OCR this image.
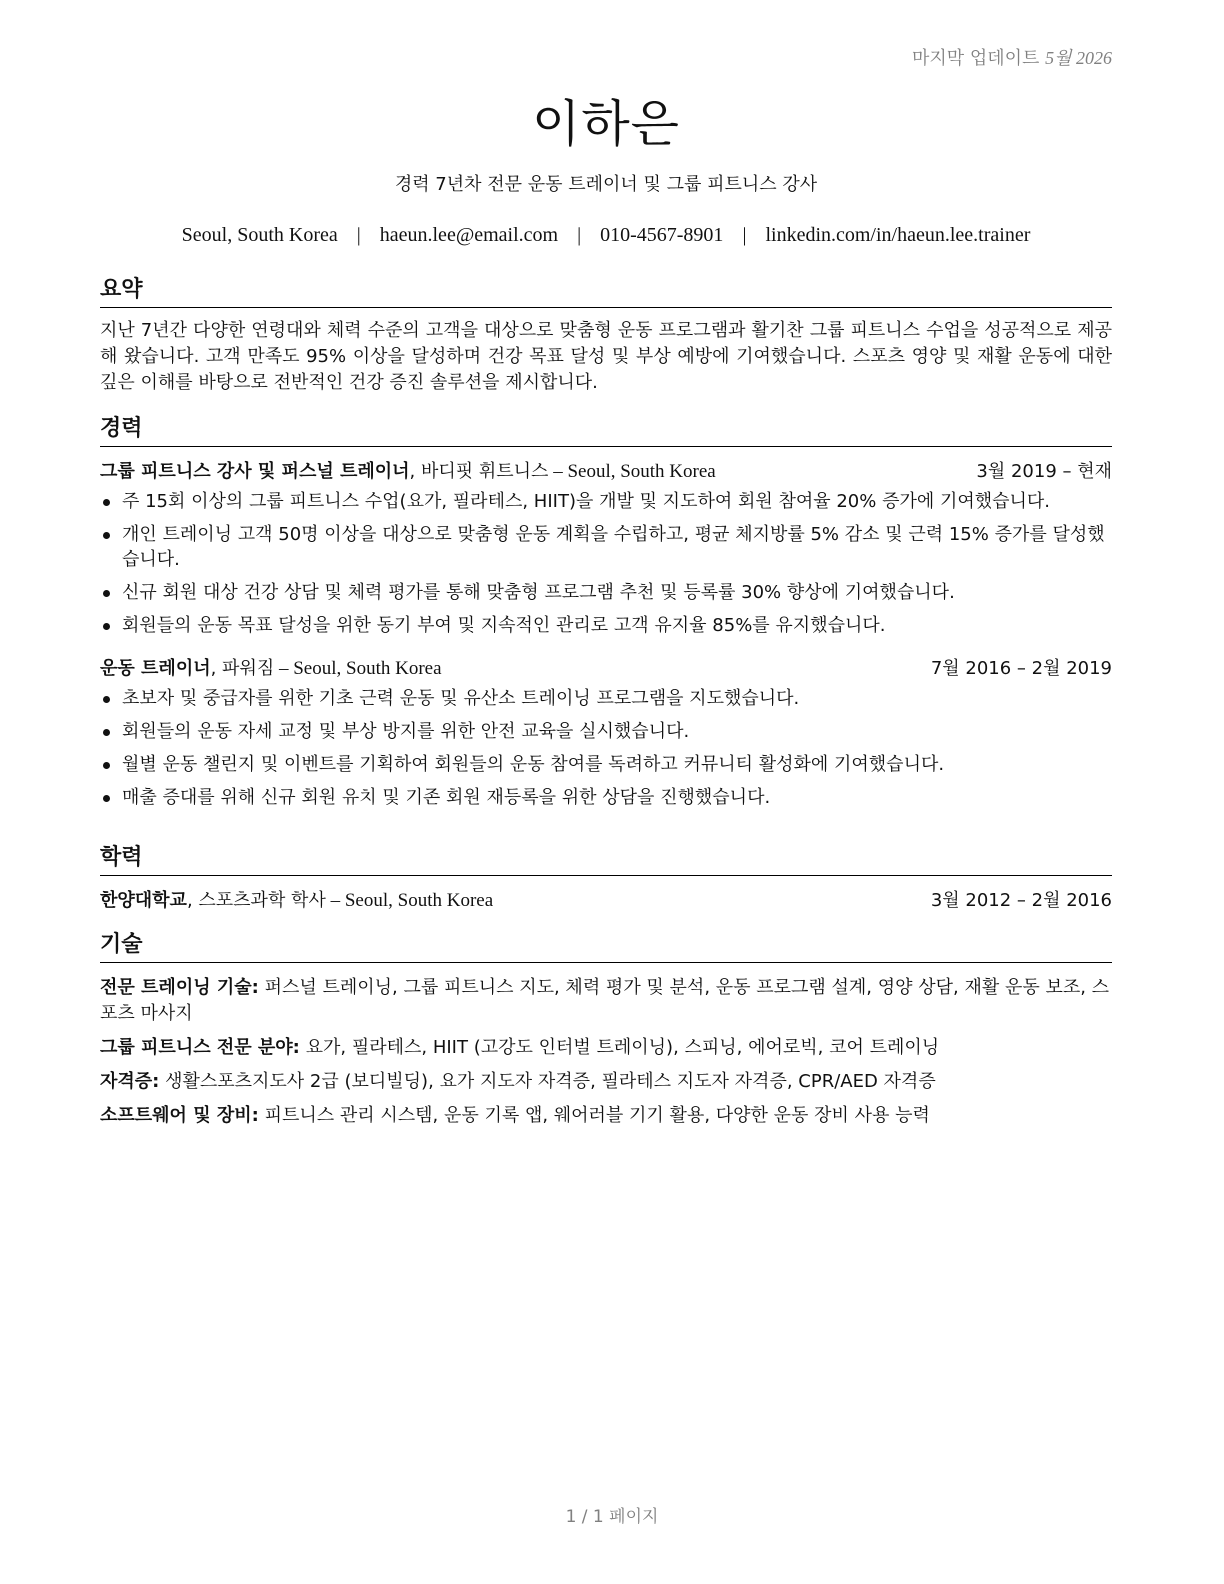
마지막 업데이트 5월 2026
이하은
경력 7년차 전문 운동 트레이너 및 그룹 피트니스 강사
Seoul, South Korea | haeun.lee@email.com | 010-4567-8901 | linkedin.com/in/haeun.lee.trainer
요약
지난 7년간 다양한 연령대와 체력 수준의 고객을 대상으로 맞춤형 운동 프로그램과 활기찬 그룹 피트니스 수업을 성공적으로 제공해 왔습니다. 고객 만족도 95% 이상을 달성하며 건강 목표 달성 및 부상 예방에 기여했습니다. 스포츠 영양 및 재활 운동에 대한 깊은 이해를 바탕으로 전반적인 건강 증진 솔루션을 제시합니다.
경력
그룹 피트니스 강사 및 퍼스널 트레이너, 바디핏 휘트니스 – Seoul, South Korea	3월 2019 – 현재
주 15회 이상의 그룹 피트니스 수업(요가, 필라테스, HIIT)을 개발 및 지도하여 회원 참여율 20% 증가에 기여했습니다.
개인 트레이닝 고객 50명 이상을 대상으로 맞춤형 운동 계획을 수립하고, 평균 체지방률 5% 감소 및 근력 15% 증가를 달성했습니다.
신규 회원 대상 건강 상담 및 체력 평가를 통해 맞춤형 프로그램 추천 및 등록률 30% 향상에 기여했습니다.
회원들의 운동 목표 달성을 위한 동기 부여 및 지속적인 관리로 고객 유지율 85%를 유지했습니다.
운동 트레이너, 파워짐 – Seoul, South Korea	7월 2016 – 2월 2019
초보자 및 중급자를 위한 기초 근력 운동 및 유산소 트레이닝 프로그램을 지도했습니다.
회원들의 운동 자세 교정 및 부상 방지를 위한 안전 교육을 실시했습니다.
월별 운동 챌린지 및 이벤트를 기획하여 회원들의 운동 참여를 독려하고 커뮤니티 활성화에 기여했습니다.
매출 증대를 위해 신규 회원 유치 및 기존 회원 재등록을 위한 상담을 진행했습니다.
학력
한양대학교, 스포츠과학 학사 – Seoul, South Korea	3월 2012 – 2월 2016
기술
전문 트레이닝 기술: 퍼스널 트레이닝, 그룹 피트니스 지도, 체력 평가 및 분석, 운동 프로그램 설계, 영양 상담, 재활 운동 보조, 스포츠 마사지
그룹 피트니스 전문 분야: 요가, 필라테스, HIIT (고강도 인터벌 트레이닝), 스피닝, 에어로빅, 코어 트레이닝
자격증: 생활스포츠지도사 2급 (보디빌딩), 요가 지도자 자격증, 필라테스 지도자 자격증, CPR/AED 자격증
소프트웨어 및 장비: 피트니스 관리 시스템, 운동 기록 앱, 웨어러블 기기 활용, 다양한 운동 장비 사용 능력
1 / 1 페이지
